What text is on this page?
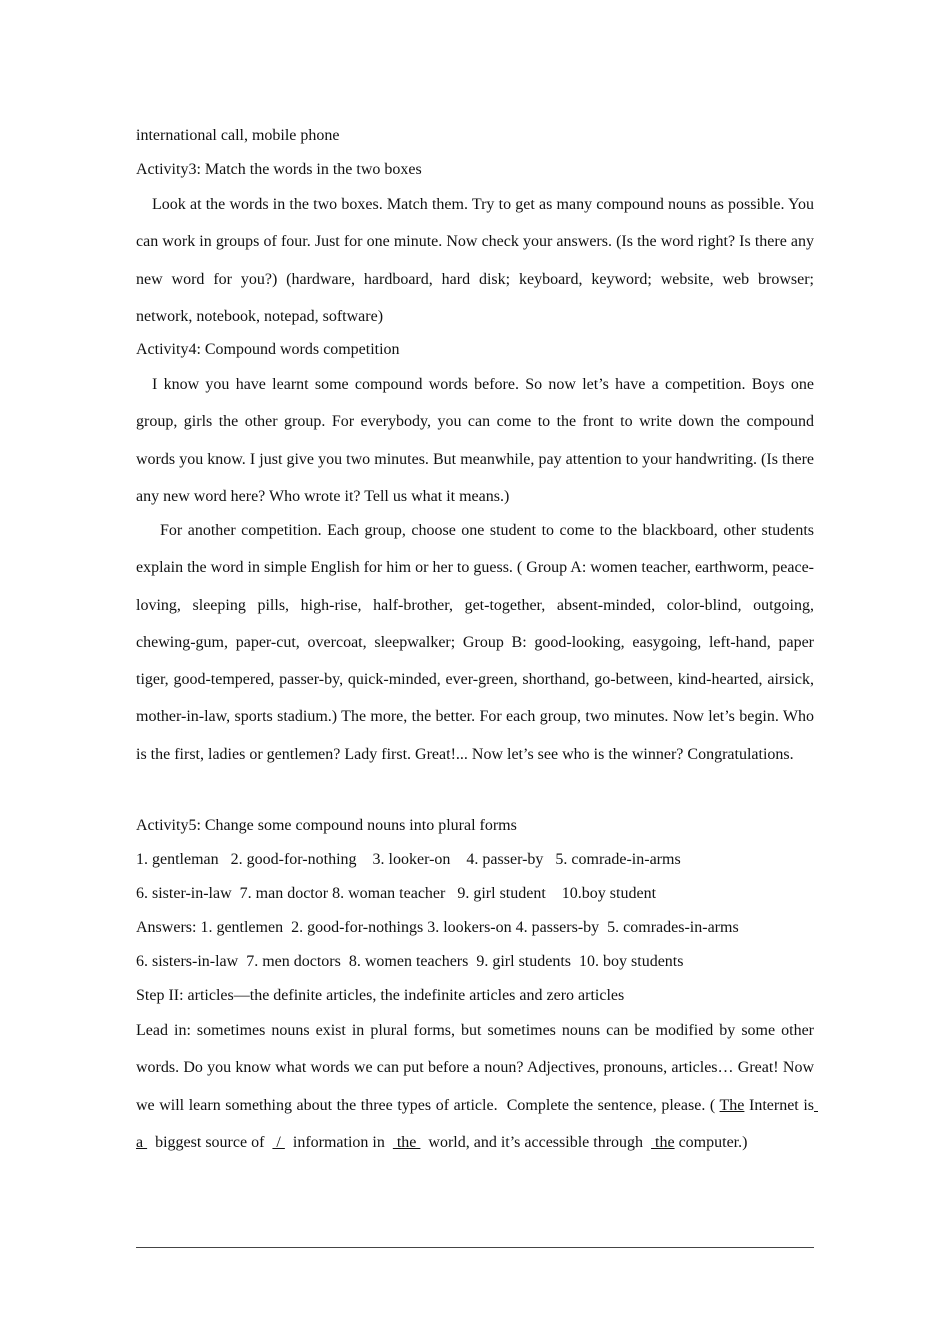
international call, mobile phone
Activity3: Match the words in the two boxes
Look at the words in the two boxes. Match them. Try to get as many compound nouns as possible. You can work in groups of four. Just for one minute. Now check your answers. (Is the word right? Is there any new word for you?) (hardware, hardboard, hard disk; keyboard, keyword; website, web browser; network, notebook, notepad, software)
Activity4: Compound words competition
I know you have learnt some compound words before. So now let’s have a competition. Boys one group, girls the other group. For everybody, you can come to the front to write down the compound words you know. I just give you two minutes. But meanwhile, pay attention to your handwriting. (Is there any new word here? Who wrote it? Tell us what it means.)
For another competition. Each group, choose one student to come to the blackboard, other students explain the word in simple English for him or her to guess. ( Group A: women teacher, earthworm, peace-loving, sleeping pills, high-rise, half-brother, get-together, absent-minded, color-blind, outgoing, chewing-gum, paper-cut, overcoat, sleepwalker; Group B: good-looking, easygoing, left-hand, paper tiger, good-tempered, passer-by, quick-minded, ever-green, shorthand, go-between, kind-hearted, airsick, mother-in-law, sports stadium.) The more, the better. For each group, two minutes. Now let’s begin. Who is the first, ladies or gentlemen? Lady first. Great!... Now let’s see who is the winner? Congratulations.
Activity5: Change some compound nouns into plural forms
1. gentleman   2. good-for-nothing    3. looker-on    4. passer-by   5. comrade-in-arms
6. sister-in-law  7. man doctor 8. woman teacher   9. girl student    10.boy student
Answers: 1. gentlemen  2. good-for-nothings 3. lookers-on 4. passers-by  5. comrades-in-arms
6. sisters-in-law  7. men doctors  8. women teachers  9. girl students  10. boy students
Step II: articles—the definite articles, the indefinite articles and zero articles
Lead in: sometimes nouns exist in plural forms, but sometimes nouns can be modified by some other words. Do you know what words we can put before a noun? Adjectives, pronouns, articles… Great! Now we will learn something about the three types of article.  Complete the sentence, please. ( The Internet is a   biggest source of   /   information in   the   world, and it’s accessible through   the computer.)
